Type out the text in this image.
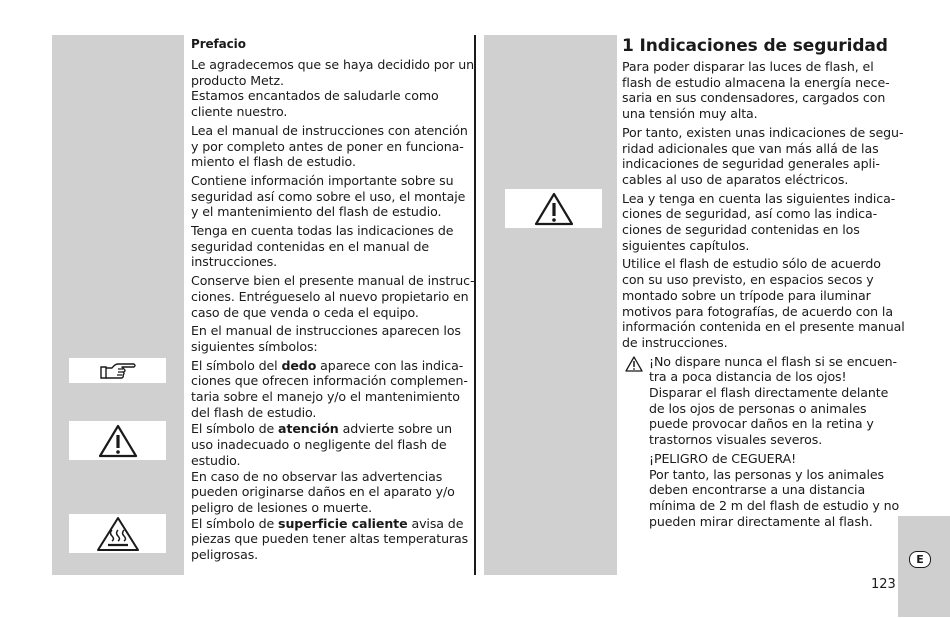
Prefacio

Le agradecemos que se haya decidido por un
producto Metz.
Estamos encantados de saludarle como
cliente nuestro.

Lea el manual de instrucciones con atención
y por completo antes de poner en funciona-
miento el flash de estudio.

Contiene información importante sobre su
seguridad así como sobre el uso, el montaje
y el mantenimiento del flash de estudio.

Tenga en cuenta todas las indicaciones de
seguridad contenidas en el manual de
instrucciones.

Conserve bien el presente manual de instruc-
ciones. Entrégueselo al nuevo propietario en
caso de que venda o ceda el equipo.

En el manual de instrucciones aparecen los
siguientes símbolos:

El símbolo del dedo aparece con las indica-
ciones que ofrecen información complemen-
taria sobre el manejo y/o el mantenimiento
del flash de estudio.

El símbolo de atención advierte sobre un
uso inadecuado o negligente del flash de
estudio.
En caso de no observar las advertencias
pueden originarse daños en el aparato y/o
peligro de lesiones o muerte.

El símbolo de superficie caliente avisa de
piezas que pueden tener altas temperaturas
peligrosas.

1 Indicaciones de seguridad

Para poder disparar las luces de flash, el
flash de estudio almacena la energía nece-
saria en sus condensadores, cargados con
una tensión muy alta.

Por tanto, existen unas indicaciones de segu-
ridad adicionales que van más allá de las
indicaciones de seguridad generales apli-
cables al uso de aparatos eléctricos.

Lea y tenga en cuenta las siguientes indica-
ciones de seguridad, así como las indica-
ciones de seguridad contenidas en los
siguientes capítulos.

Utilice el flash de estudio sólo de acuerdo
con su uso previsto, en espacios secos y
montado sobre un trípode para iluminar
motivos para fotografías, de acuerdo con la
información contenida en el presente manual
de instrucciones.

¡No dispare nunca el flash si se encuen-
tra a poca distancia de los ojos!
Disparar el flash directamente delante
de los ojos de personas o animales
puede provocar daños en la retina y
trastornos visuales severos.

¡PELIGRO de CEGUERA!
Por tanto, las personas y los animales
deben encontrarse a una distancia
mínima de 2 m del flash de estudio y no
pueden mirar directamente al flash.

E
123
